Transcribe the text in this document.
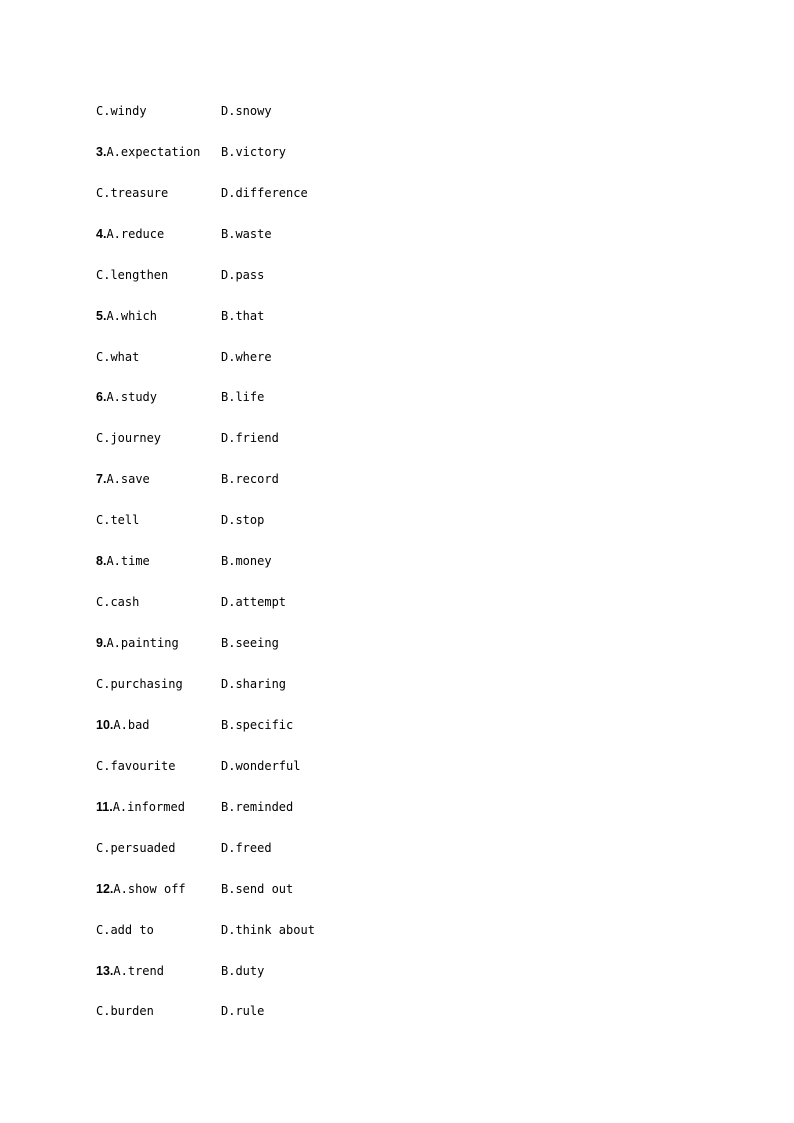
C.windy	D.snowy
3.A.expectation B.victory
C.treasure	D.difference
4.A.reduce	B.waste
C.lengthen	D.pass
5.A.which	B.that
C.what	D.where
6.A.study	B.life
C.journey	D.friend
7.A.save	B.record
C.tell	D.stop
8.A.time	B.money
C.cash	D.attempt
9.A.painting	B.seeing
C.purchasing	D.sharing
10.A.bad	B.specific
C.favourite	D.wonderful
11.A.informed	B.reminded
C.persuaded	D.freed
12.A.show off	B.send out
C.add to	D.think about
13.A.trend	B.duty
C.burden	D.rule
